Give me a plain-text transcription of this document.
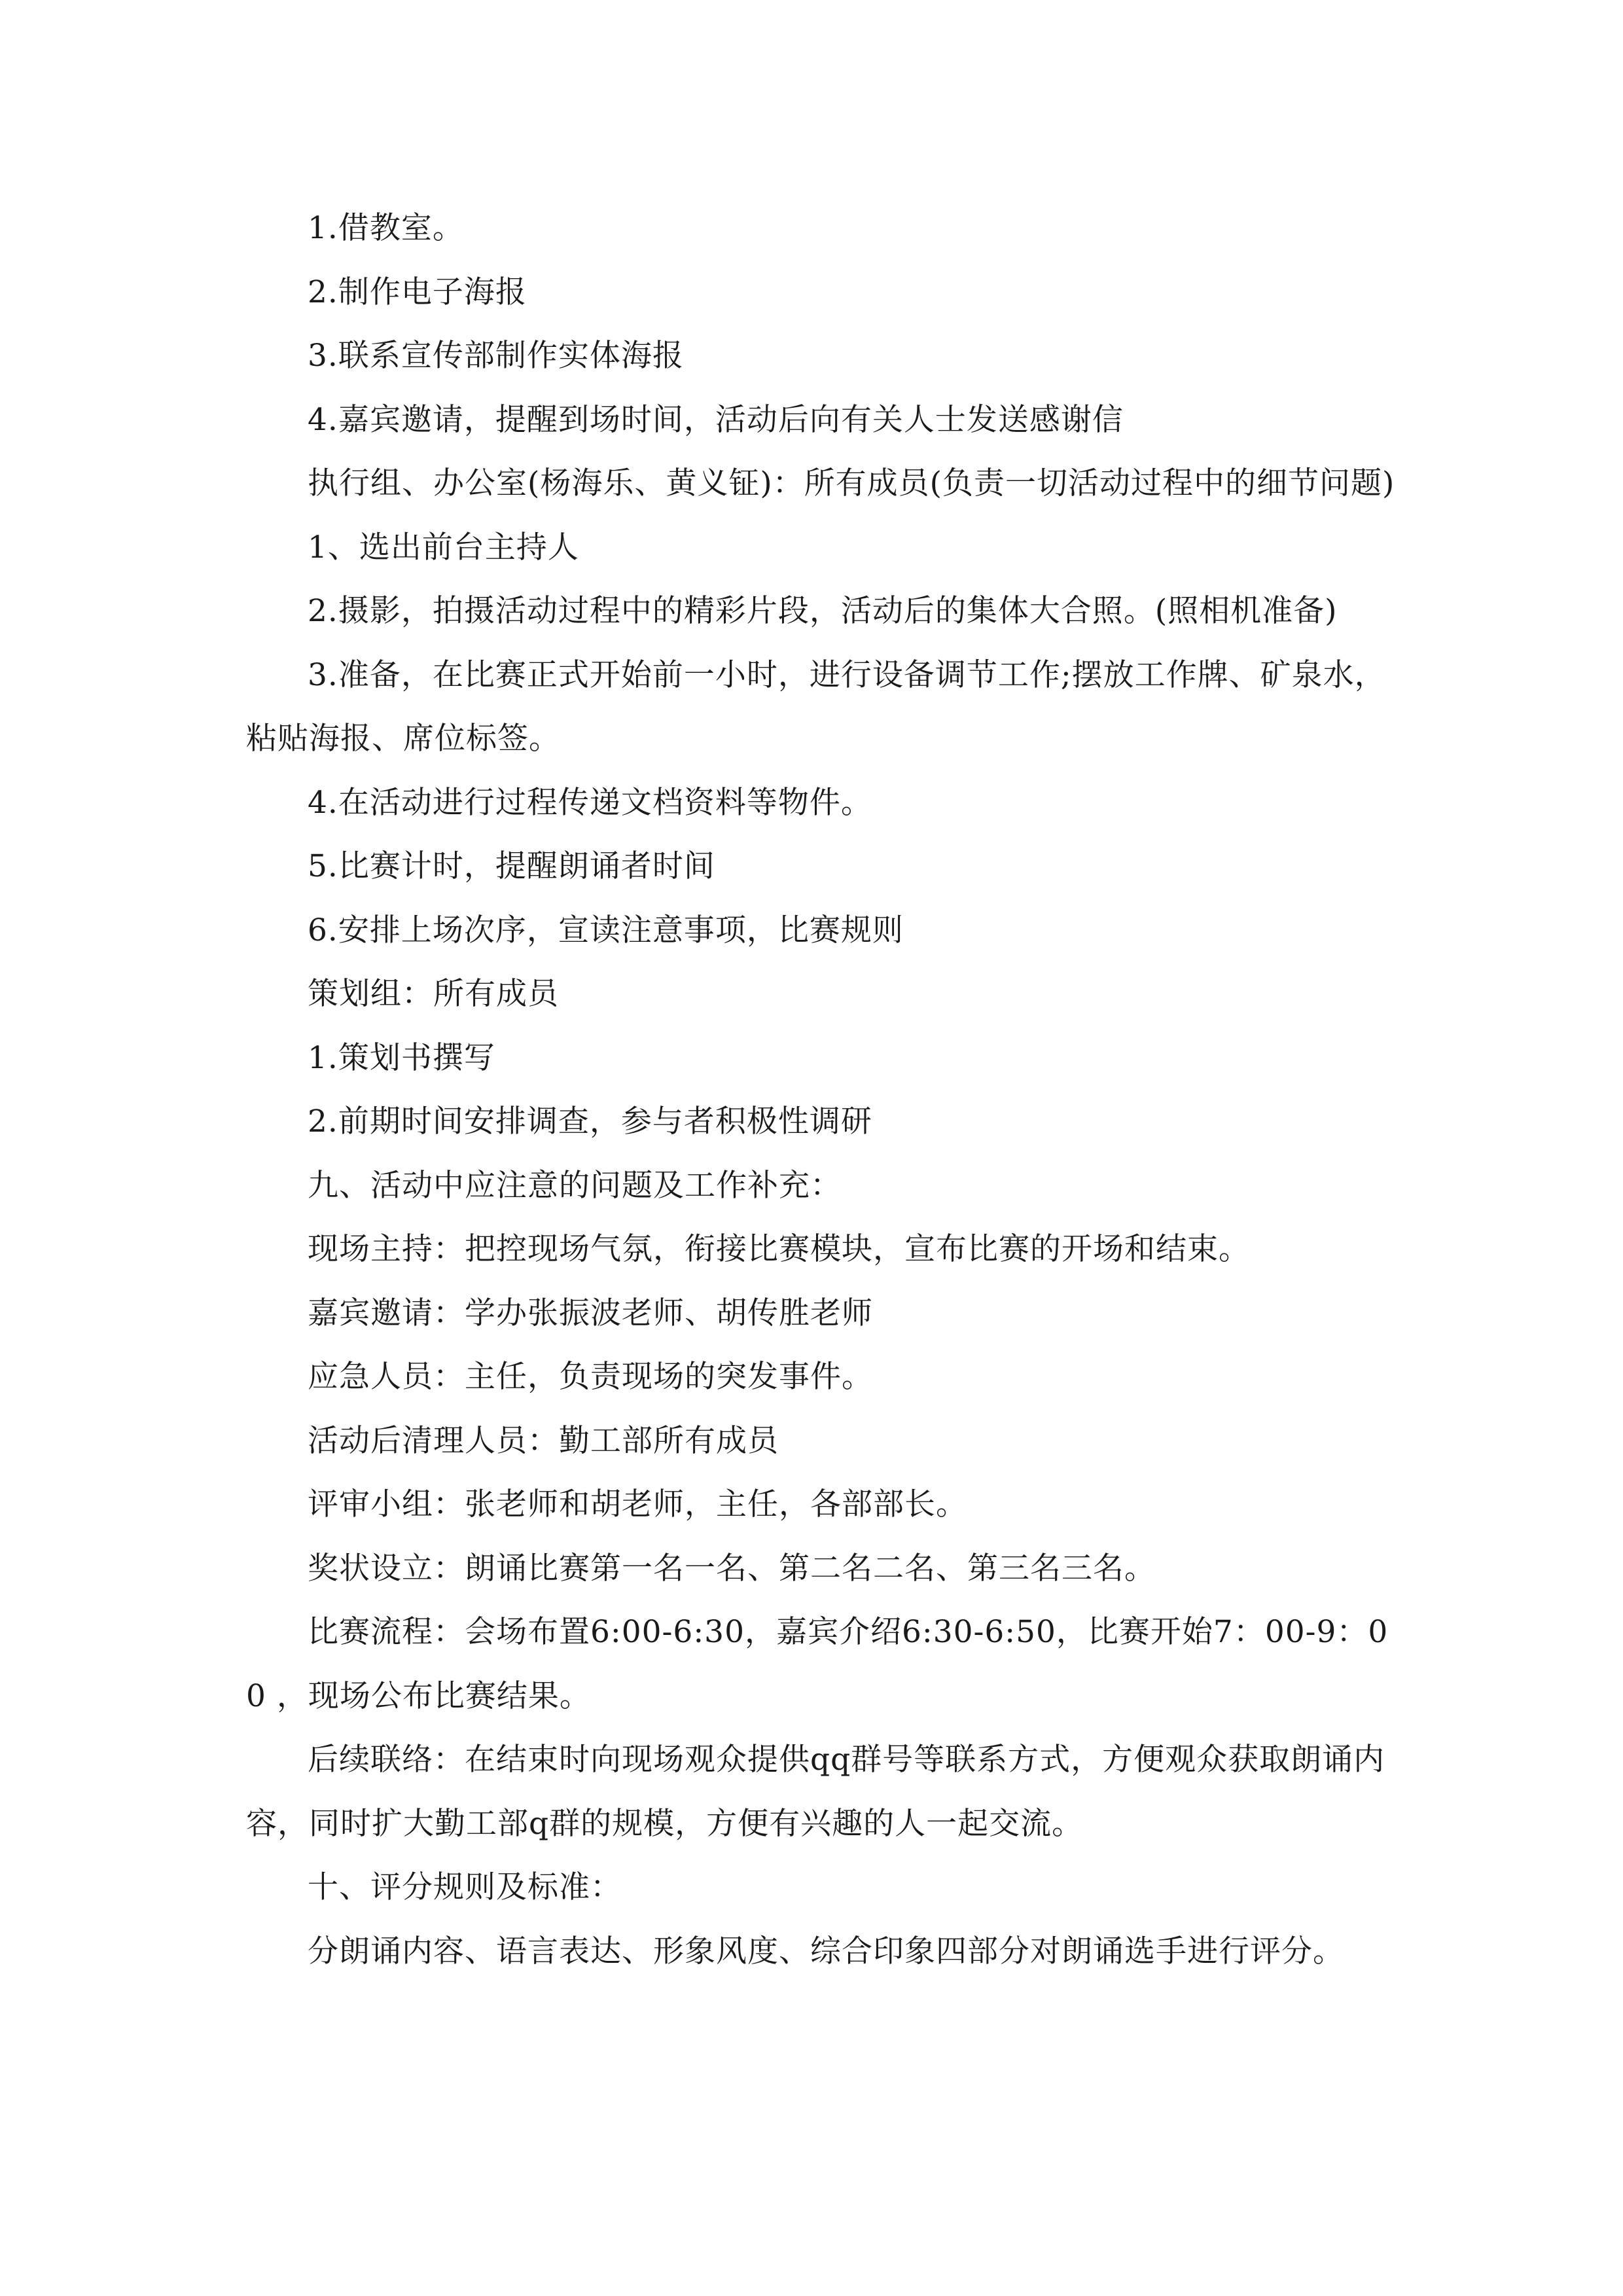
1.借教室。

2.制作电子海报

3.联系宣传部制作实体海报

4.嘉宾邀请，提醒到场时间，活动后向有关人士发送感谢信

执行组、办公室(杨海乐、黄义钲)：所有成员(负责一切活动过程中的细节问题)

1、选出前台主持人

2.摄影，拍摄活动过程中的精彩片段，活动后的集体大合照。(照相机准备)

3.准备，在比赛正式开始前一小时，进行设备调节工作;摆放工作牌、矿泉水，粘贴海报、席位标签。

4.在活动进行过程传递文档资料等物件。

5.比赛计时，提醒朗诵者时间

6.安排上场次序，宣读注意事项，比赛规则

策划组：所有成员

1.策划书撰写

2.前期时间安排调查，参与者积极性调研

九、活动中应注意的问题及工作补充：

现场主持：把控现场气氛，衔接比赛模块，宣布比赛的开场和结束。

嘉宾邀请：学办张振波老师、胡传胜老师

应急人员：主任，负责现场的突发事件。

活动后清理人员：勤工部所有成员

评审小组：张老师和胡老师，主任，各部部长。

奖状设立：朗诵比赛第一名一名、第二名二名、第三名三名。

比赛流程：会场布置6:00-6:30，嘉宾介绍6:30-6:50，比赛开始7：00-9：00 ，现场公布比赛结果。

后续联络：在结束时向现场观众提供qq群号等联系方式，方便观众获取朗诵内容，同时扩大勤工部q群的规模，方便有兴趣的人一起交流。

十、评分规则及标准：

分朗诵内容、语言表达、形象风度、综合印象四部分对朗诵选手进行评分。
